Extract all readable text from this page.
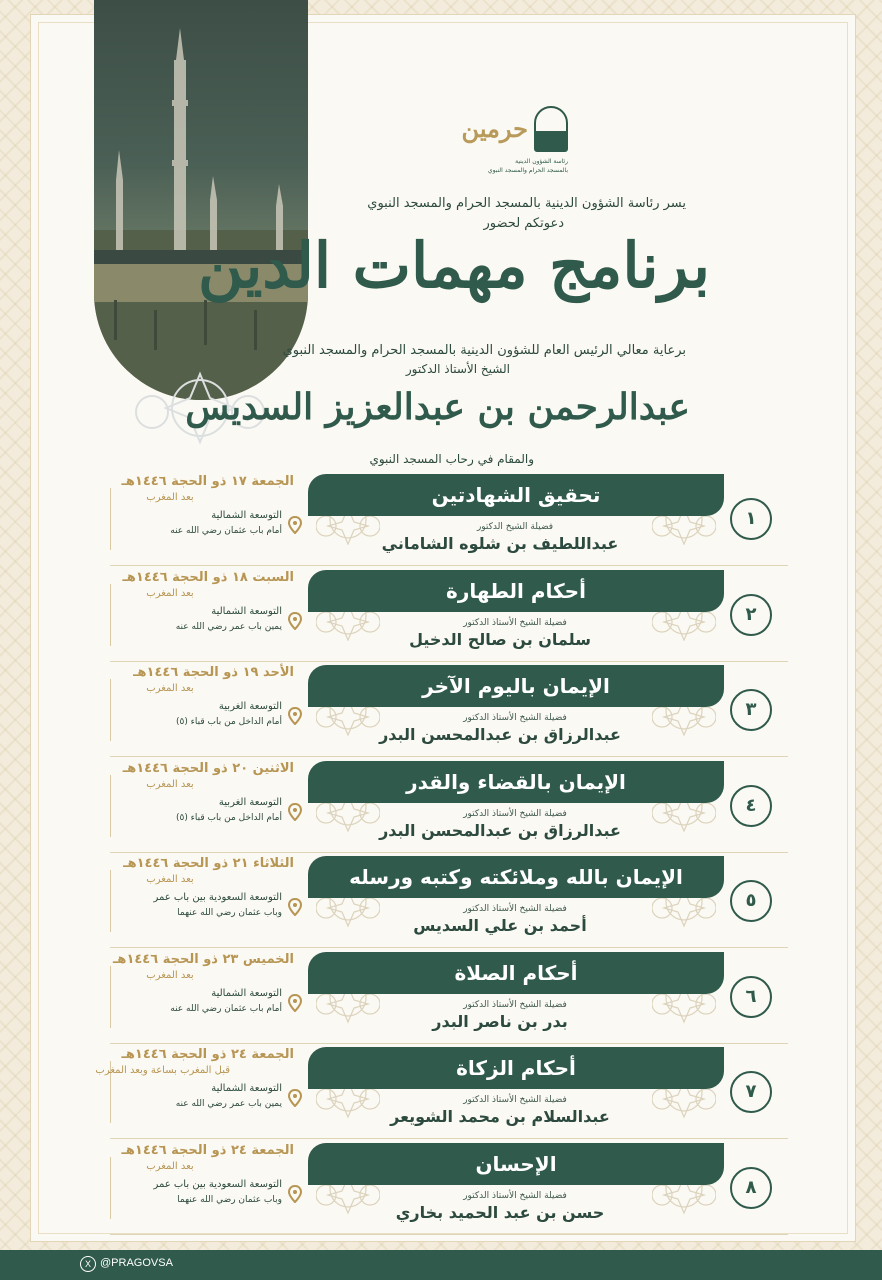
حرمين
رئاسة الشؤون الدينية
بالمسجد الحرام والمسجد النبوي
يسر رئاسة الشؤون الدينية بالمسجد الحرام والمسجد النبوي
دعوتكم لحضور
برنامج مهمات الدين
برعاية معالي الرئيس العام للشؤون الدينية بالمسجد الحرام والمسجد النبوي
الشيخ الأستاذ الدكتور
عبدالرحمن بن عبدالعزيز السديس
والمقام في رحاب المسجد النبوي
تحقيق الشهادتين
١
فضيلة الشيخ الدكتور
عبداللطيف بن شلوه الشاماني
الجمعة ١٧ ذو الحجة ١٤٤٦هـ
بعد المغرب
التوسعة الشمالية
أمام باب عثمان رضي الله عنه
أحكام الطهارة
٢
فضيلة الشيخ الأستاذ الدكتور
سلمان بن صالح الدخيل
السبت ١٨ ذو الحجة ١٤٤٦هـ
بعد المغرب
التوسعة الشمالية
يمين باب عمر رضي الله عنه
الإيمان باليوم الآخر
٣
فضيلة الشيخ الأستاذ الدكتور
عبدالرزاق بن عبدالمحسن البدر
الأحد ١٩ ذو الحجة ١٤٤٦هـ
بعد المغرب
التوسعة الغربية
أمام الداخل من باب قباء (٥)
الإيمان بالقضاء والقدر
٤
فضيلة الشيخ الأستاذ الدكتور
عبدالرزاق بن عبدالمحسن البدر
الاثنين ٢٠ ذو الحجة ١٤٤٦هـ
بعد المغرب
التوسعة الغربية
أمام الداخل من باب قباء (٥)
الإيمان بالله وملائكته وكتبه ورسله
٥
فضيلة الشيخ الأستاذ الدكتور
أحمد بن علي السديس
الثلاثاء ٢١ ذو الحجة ١٤٤٦هـ
بعد المغرب
التوسعة السعودية بين باب عمر
وباب عثمان رضي الله عنهما
أحكام الصلاة
٦
فضيلة الشيخ الأستاذ الدكتور
بدر بن ناصر البدر
الخميس ٢٣ ذو الحجة ١٤٤٦هـ
بعد المغرب
التوسعة الشمالية
أمام باب عثمان رضي الله عنه
أحكام الزكاة
٧
فضيلة الشيخ الأستاذ الدكتور
عبدالسلام بن محمد الشويعر
الجمعة ٢٤ ذو الحجة ١٤٤٦هـ
قبل المغرب بساعة وبعد المغرب
التوسعة الشمالية
يمين باب عمر رضي الله عنه
الإحسان
٨
فضيلة الشيخ الأستاذ الدكتور
حسن بن عبد الحميد بخاري
الجمعة ٢٤ ذو الحجة ١٤٤٦هـ
بعد المغرب
التوسعة السعودية بين باب عمر
وباب عثمان رضي الله عنهما
X @PRAGOVSA
